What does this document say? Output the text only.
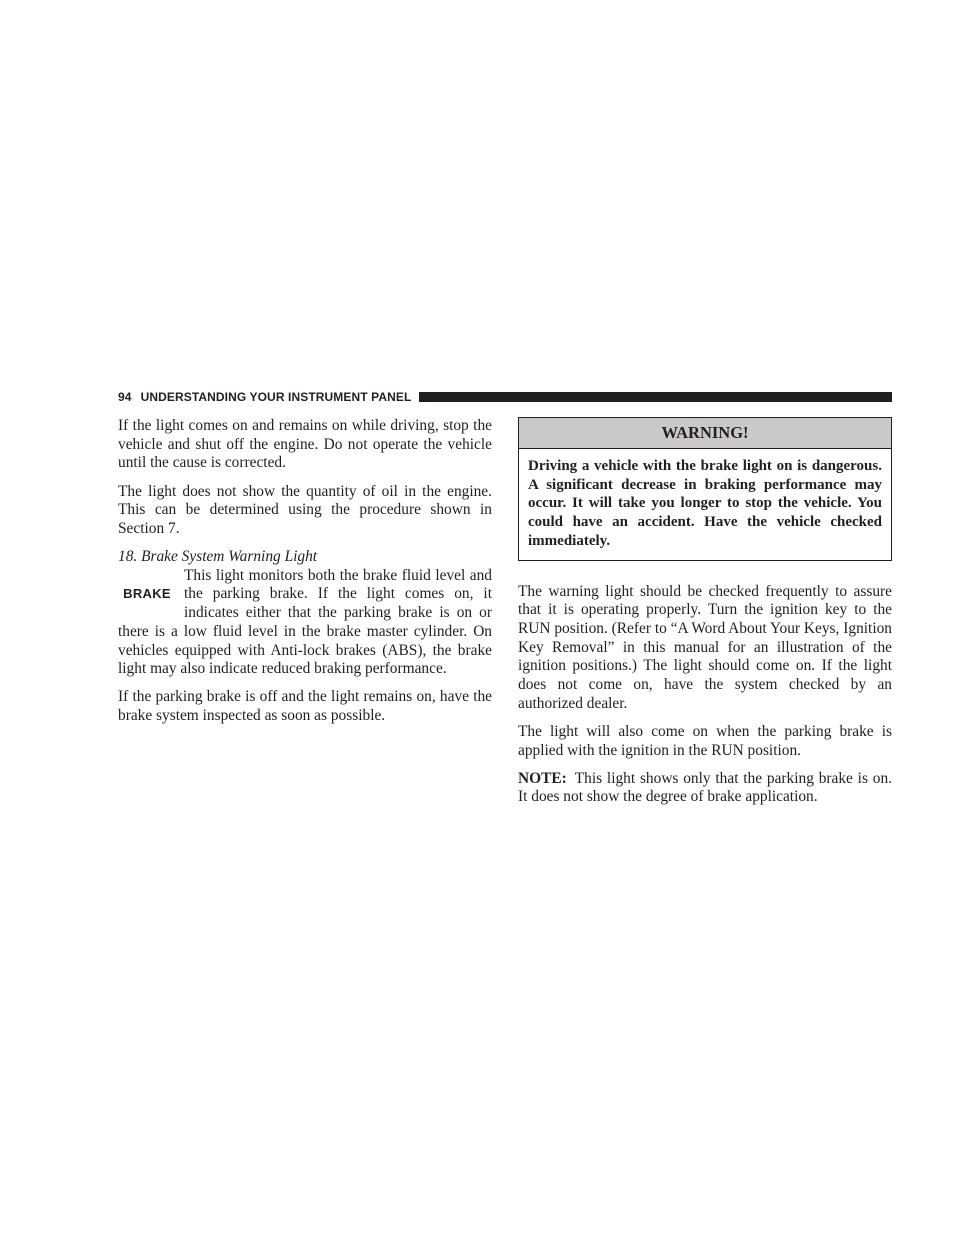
94 UNDERSTANDING YOUR INSTRUMENT PANEL

If the light comes on and remains on while driving, stop the vehicle and shut off the engine. Do not operate the vehicle until the cause is corrected.

The light does not show the quantity of oil in the engine. This can be determined using the procedure shown in Section 7.

18. Brake System Warning Light

BRAKE
This light monitors both the brake fluid level and the parking brake. If the light comes on, it indicates either that the parking brake is on or there is a low fluid level in the brake master cylinder. On vehicles equipped with Anti-lock brakes (ABS), the brake light may also indicate reduced braking performance.

If the parking brake is off and the light remains on, have the brake system inspected as soon as possible.

WARNING!
Driving a vehicle with the brake light on is dangerous. A significant decrease in braking performance may occur. It will take you longer to stop the vehicle. You could have an accident. Have the vehicle checked immediately.

The warning light should be checked frequently to assure that it is operating properly. Turn the ignition key to the RUN position. (Refer to “A Word About Your Keys, Ignition Key Removal” in this manual for an illustration of the ignition positions.) The light should come on. If the light does not come on, have the system checked by an authorized dealer.

The light will also come on when the parking brake is applied with the ignition in the RUN position.

NOTE: This light shows only that the parking brake is on. It does not show the degree of brake application.
